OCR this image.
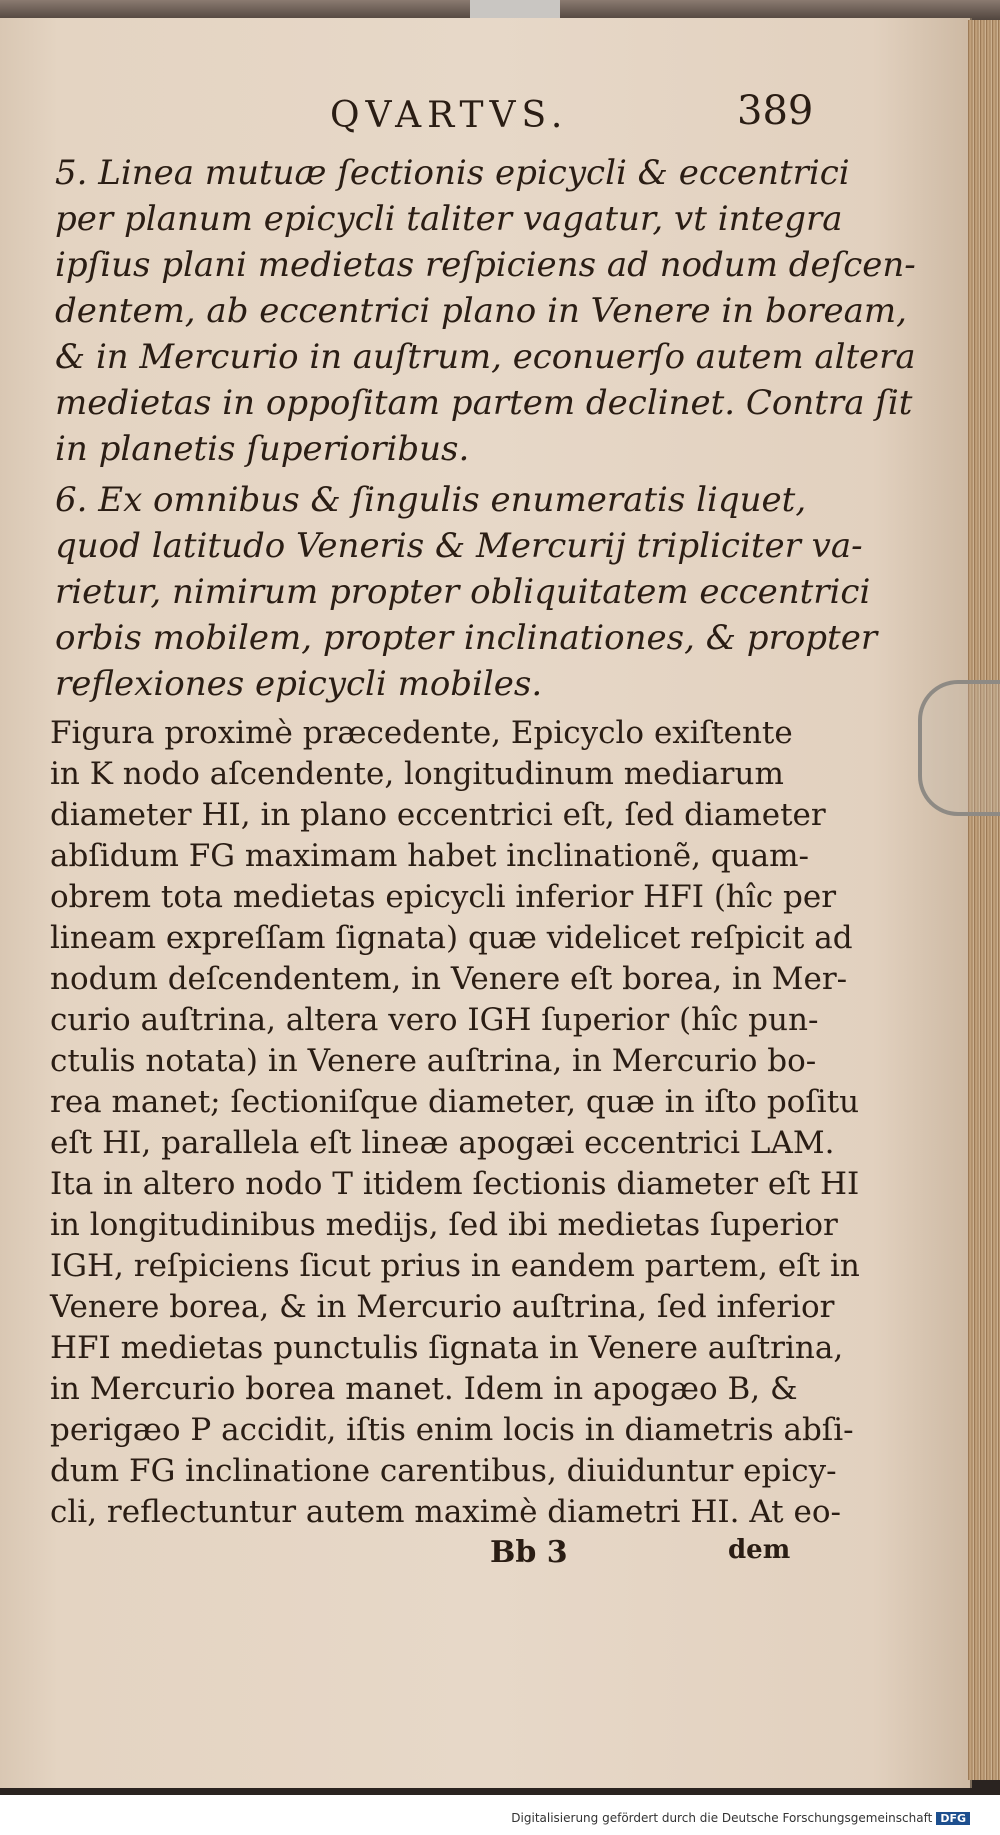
QVARTVS.	389
5. Linea mutuæ ſectionis epicycli & eccentrici
per planum epicycli taliter vagatur, vt integra
ipſius plani medietas reſpiciens ad nodum deſcen-
dentem, ab eccentrici plano in Venere in boream,
& in Mercurio in auſtrum, econuerſo autem altera
medietas in oppoſitam partem declinet. Contra ſit
in planetis ſuperioribus.
6. Ex omnibus & ſingulis enumeratis liquet,
quod latitudo Veneris & Mercurij tripliciter va-
rietur, nimirum propter obliquitatem eccentrici
orbis mobilem, propter inclinationes, & propter
reflexiones epicycli mobiles.
Figura proximè præcedente, Epicyclo exiſtente
in K nodo aſcendente, longitudinum mediarum
diameter HI, in plano eccentrici eſt, ſed diameter
abſidum FG maximam habet inclinationẽ, quam-
obrem tota medietas epicycli inferior HFI (hîc per
lineam expreſſam ſignata) quæ videlicet reſpicit ad
nodum deſcendentem, in Venere eſt borea, in Mer-
curio auſtrina, altera vero IGH ſuperior (hîc pun-
ctulis notata) in Venere auſtrina, in Mercurio bo-
rea manet; ſectioniſque diameter, quæ in iſto poſitu
eſt HI, parallela eſt lineæ apogæi eccentrici LAM.
Ita in altero nodo T itidem ſectionis diameter eſt HI
in longitudinibus medijs, ſed ibi medietas ſuperior
IGH, reſpiciens ſicut prius in eandem partem, eſt in
Venere borea, & in Mercurio auſtrina, ſed inferior
HFI medietas punctulis ſignata in Venere auſtrina,
in Mercurio borea manet. Idem in apogæo B, &
perigæo P accidit, iſtis enim locis in diametris abſi-
dum FG inclinatione carentibus, diuiduntur epicy-
cli, reflectuntur autem maximè diametri HI. At eo-
Bb 3	dem
Digitalisierung gefördert durch die Deutsche Forschungsgemeinschaft DFG
